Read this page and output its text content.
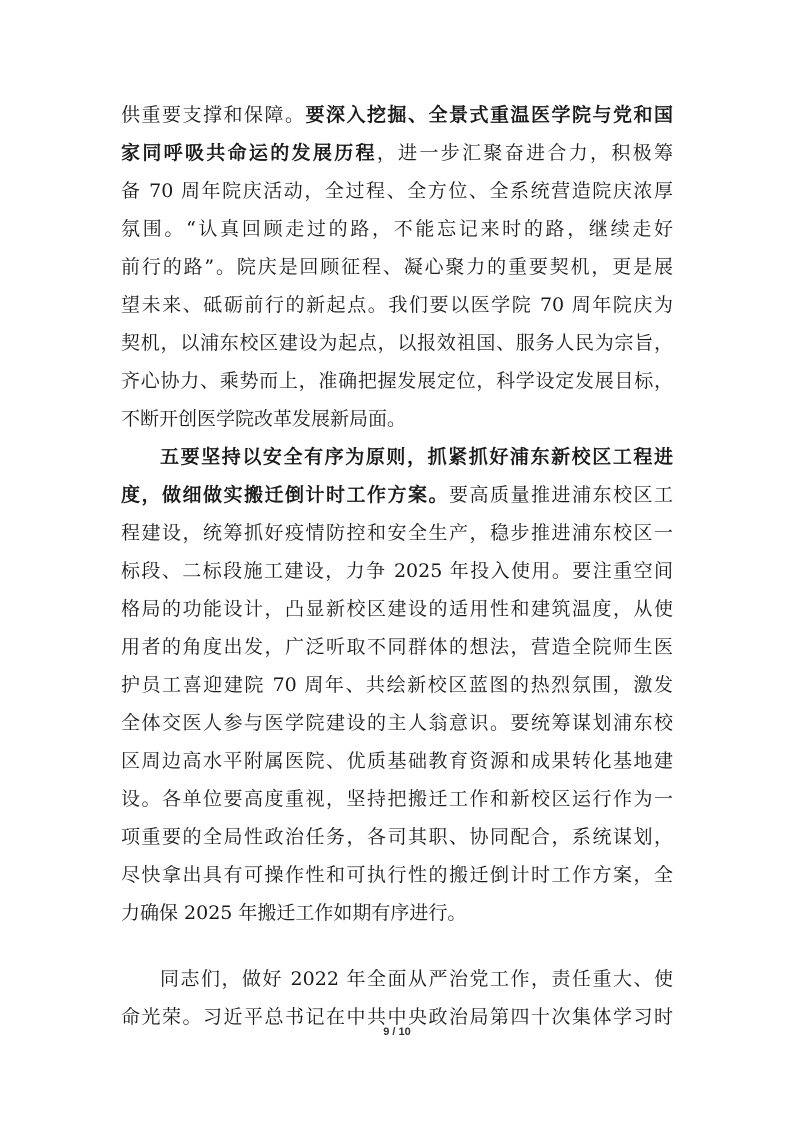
供重要支撑和保障。要深入挖掘、全景式重温医学院与党和国
家同呼吸共命运的发展历程，进一步汇聚奋进合力，积极筹
备 70 周年院庆活动，全过程、全方位、全系统营造院庆浓厚
氛围。“认真回顾走过的路，不能忘记来时的路，继续走好
前行的路”。院庆是回顾征程、凝心聚力的重要契机，更是展
望未来、砥砺前行的新起点。我们要以医学院 70 周年院庆为
契机，以浦东校区建设为起点，以报效祖国、服务人民为宗旨，
齐心协力、乘势而上，准确把握发展定位，科学设定发展目标，
不断开创医学院改革发展新局面。
五要坚持以安全有序为原则，抓紧抓好浦东新校区工程进
度，做细做实搬迁倒计时工作方案。要高质量推进浦东校区工
程建设，统筹抓好疫情防控和安全生产，稳步推进浦东校区一
标段、二标段施工建设，力争 2025 年投入使用。要注重空间
格局的功能设计，凸显新校区建设的适用性和建筑温度，从使
用者的角度出发，广泛听取不同群体的想法，营造全院师生医
护员工喜迎建院 70 周年、共绘新校区蓝图的热烈氛围，激发
全体交医人参与医学院建设的主人翁意识。要统筹谋划浦东校
区周边高水平附属医院、优质基础教育资源和成果转化基地建
设。各单位要高度重视，坚持把搬迁工作和新校区运行作为一
项重要的全局性政治任务，各司其职、协同配合，系统谋划，
尽快拿出具有可操作性和可执行性的搬迁倒计时工作方案，全
力确保 2025 年搬迁工作如期有序进行。
同志们，做好 2022 年全面从严治党工作，责任重大、使
命光荣。习近平总书记在中共中央政治局第四十次集体学习时
9 / 10
